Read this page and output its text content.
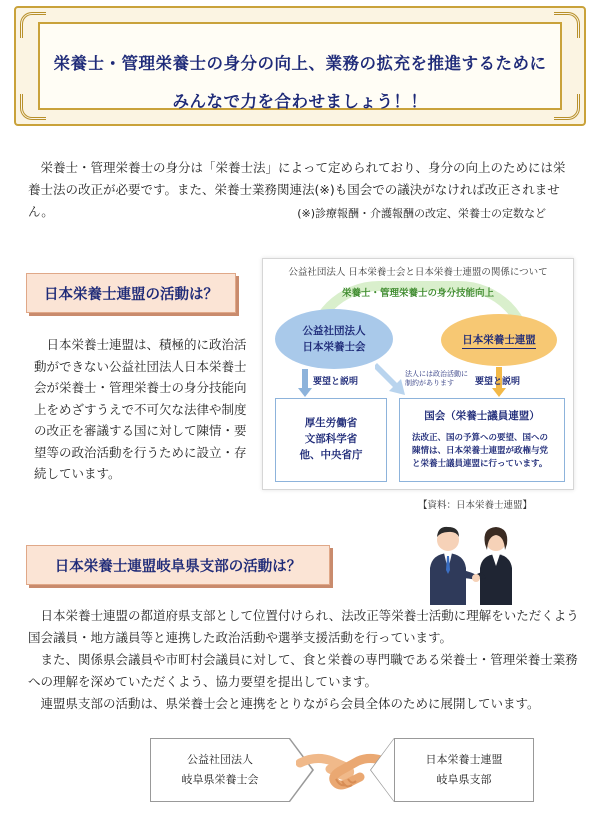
栄養士・管理栄養士の身分の向上、業務の拡充を推進するために
みんなで力を合わせましょう！！

栄養士・管理栄養士の身分は「栄養士法」によって定められており、身分の向上のためには栄養士法の改正が必要です。また、栄養士業務関連法(※)も国会での議決がなければ改正されません。	(※)診療報酬・介護報酬の改定、栄養士の定数など
日本栄養士連盟の活動は？

日本栄養士連盟は、積極的に政治活動ができない公益社団法人日本栄養士会が栄養士・管理栄養士の身分技能向上をめざすうえで不可欠な法律や制度の改正を審議する国に対して陳情・要望等の政治活動を行うために設立・存続しています。

公益社団法人 日本栄養士会と日本栄養士連盟の関係について
栄養士・管理栄養士の身分技能向上
公益社団法人
日本栄養士会
日本栄養士連盟
要望と説明
法人には政治活動に
制約があります	要望と説明
厚生労働省
文部科学省
他、中央省庁
国会（栄養士議員連盟）
法改正、国の予算への要望、国への陳情は、日本栄養士連盟が政権与党と栄養士議員連盟に行っています。
【資料：日本栄養士連盟】
日本栄養士連盟岐阜県支部の活動は？

日本栄養士連盟の都道府県支部として位置付けられ、法改正等栄養士活動に理解をいただくよう国会議員・地方議員等と連携した政治活動や選挙支援活動を行っています。

また、関係県会議員や市町村会議員に対して、食と栄養の専門職である栄養士・管理栄養士業務への理解を深めていただくよう、協力要望を提出しています。

連盟県支部の活動は、県栄養士会と連携をとりながら会員全体のために展開しています。

公益社団法人
岐阜県栄養士会
日本栄養士連盟
岐阜県支部
